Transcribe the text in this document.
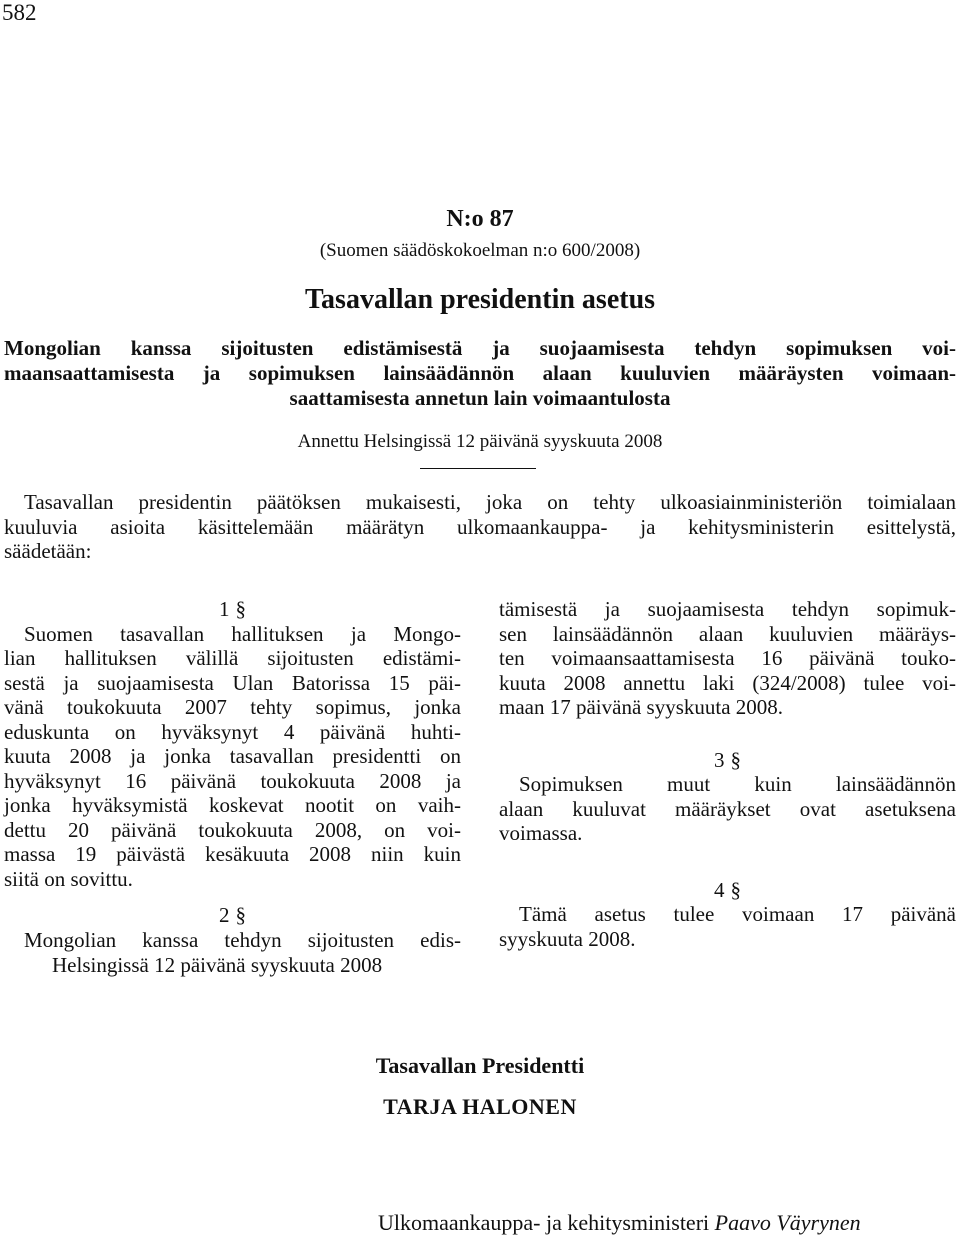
582
N:o 87
(Suomen säädöskokoelman n:o 600/2008)
Tasavallan presidentin asetus
Mongolian kanssa sijoitusten edistämisestä ja suojaamisesta tehdyn sopimuksen voi-
maansaattamisesta ja sopimuksen lainsäädännön alaan kuuluvien määräysten voimaan-
saattamisesta annetun lain voimaantulosta
Annettu Helsingissä 12 päivänä syyskuuta 2008
Tasavallan presidentin päätöksen mukaisesti, joka on tehty ulkoasiainministeriön toimialaan
kuuluvia asioita käsittelemään määrätyn ulkomaankauppa- ja kehitysministerin esittelystä,
säädetään:
1 §
Suomen tasavallan hallituksen ja Mongo-
lian hallituksen välillä sijoitusten edistämi-
sestä ja suojaamisesta Ulan Batorissa 15 päi-
vänä toukokuuta 2007 tehty sopimus, jonka
eduskunta on hyväksynyt 4 päivänä huhti-
kuuta 2008 ja jonka tasavallan presidentti on
hyväksynyt 16 päivänä toukokuuta 2008 ja
jonka hyväksymistä koskevat nootit on vaih-
dettu 20 päivänä toukokuuta 2008, on voi-
massa 19 päivästä kesäkuuta 2008 niin kuin
siitä on sovittu.
2 §
Mongolian kanssa tehdyn sijoitusten edis-
tämisestä ja suojaamisesta tehdyn sopimuk-
sen lainsäädännön alaan kuuluvien määräys-
ten voimaansaattamisesta 16 päivänä touko-
kuuta 2008 annettu laki (324/2008) tulee voi-
maan 17 päivänä syyskuuta 2008.
3 §
Sopimuksen muut kuin lainsäädännön
alaan kuuluvat määräykset ovat asetuksena
voimassa.
4 §
Tämä asetus tulee voimaan 17 päivänä
syyskuuta 2008.
Helsingissä 12 päivänä syyskuuta 2008
Tasavallan Presidentti
TARJA HALONEN
Ulkomaankauppa- ja kehitysministeri Paavo Väyrynen
